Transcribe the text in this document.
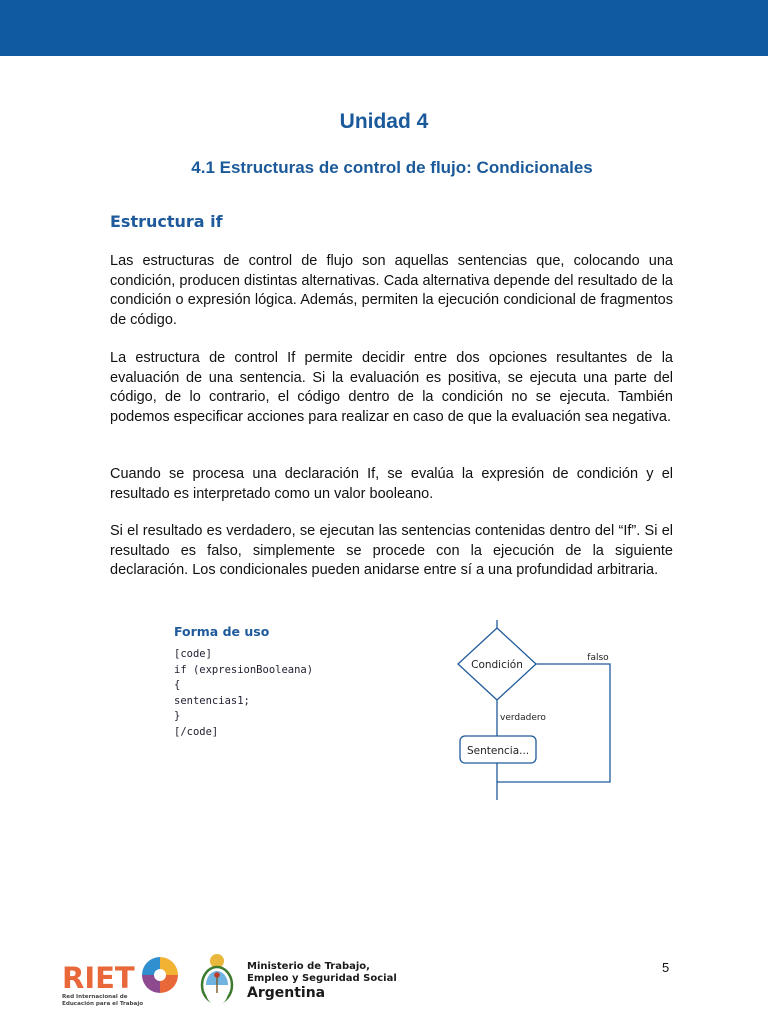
Unidad 4
4.1 Estructuras de control de flujo: Condicionales
Estructura if

Las estructuras de control de flujo son aquellas sentencias que, colocando una condición, producen distintas alternativas. Cada alternativa depende del resultado de la condición o expresión lógica. Además, permiten la ejecución condicional de fragmentos de código.

La estructura de control If permite decidir entre dos opciones resultantes de la evaluación de una sentencia. Si la evaluación es positiva, se ejecuta una parte del código, de lo contrario, el código dentro de la condición no se ejecuta. También podemos especificar acciones para realizar en caso de que la evaluación sea negativa.

Cuando se procesa una declaración If, se evalúa la expresión de condición y el resultado es interpretado como un valor booleano.

Si el resultado es verdadero, se ejecutan las sentencias contenidas dentro del “If”. Si el resultado es falso, simplemente se procede con la ejecución de la siguiente declaración. Los condicionales pueden anidarse entre sí a una profundidad arbitraria.

Forma de uso
[code]
if (expresionBooleana)
{
sentencias1;
}
[/code]
Condición
falso
verdadero
Sentencia...
5
RIET
Red Internacional de
Educación para el Trabajo
Ministerio de Trabajo,
Empleo y Seguridad Social
Argentina
